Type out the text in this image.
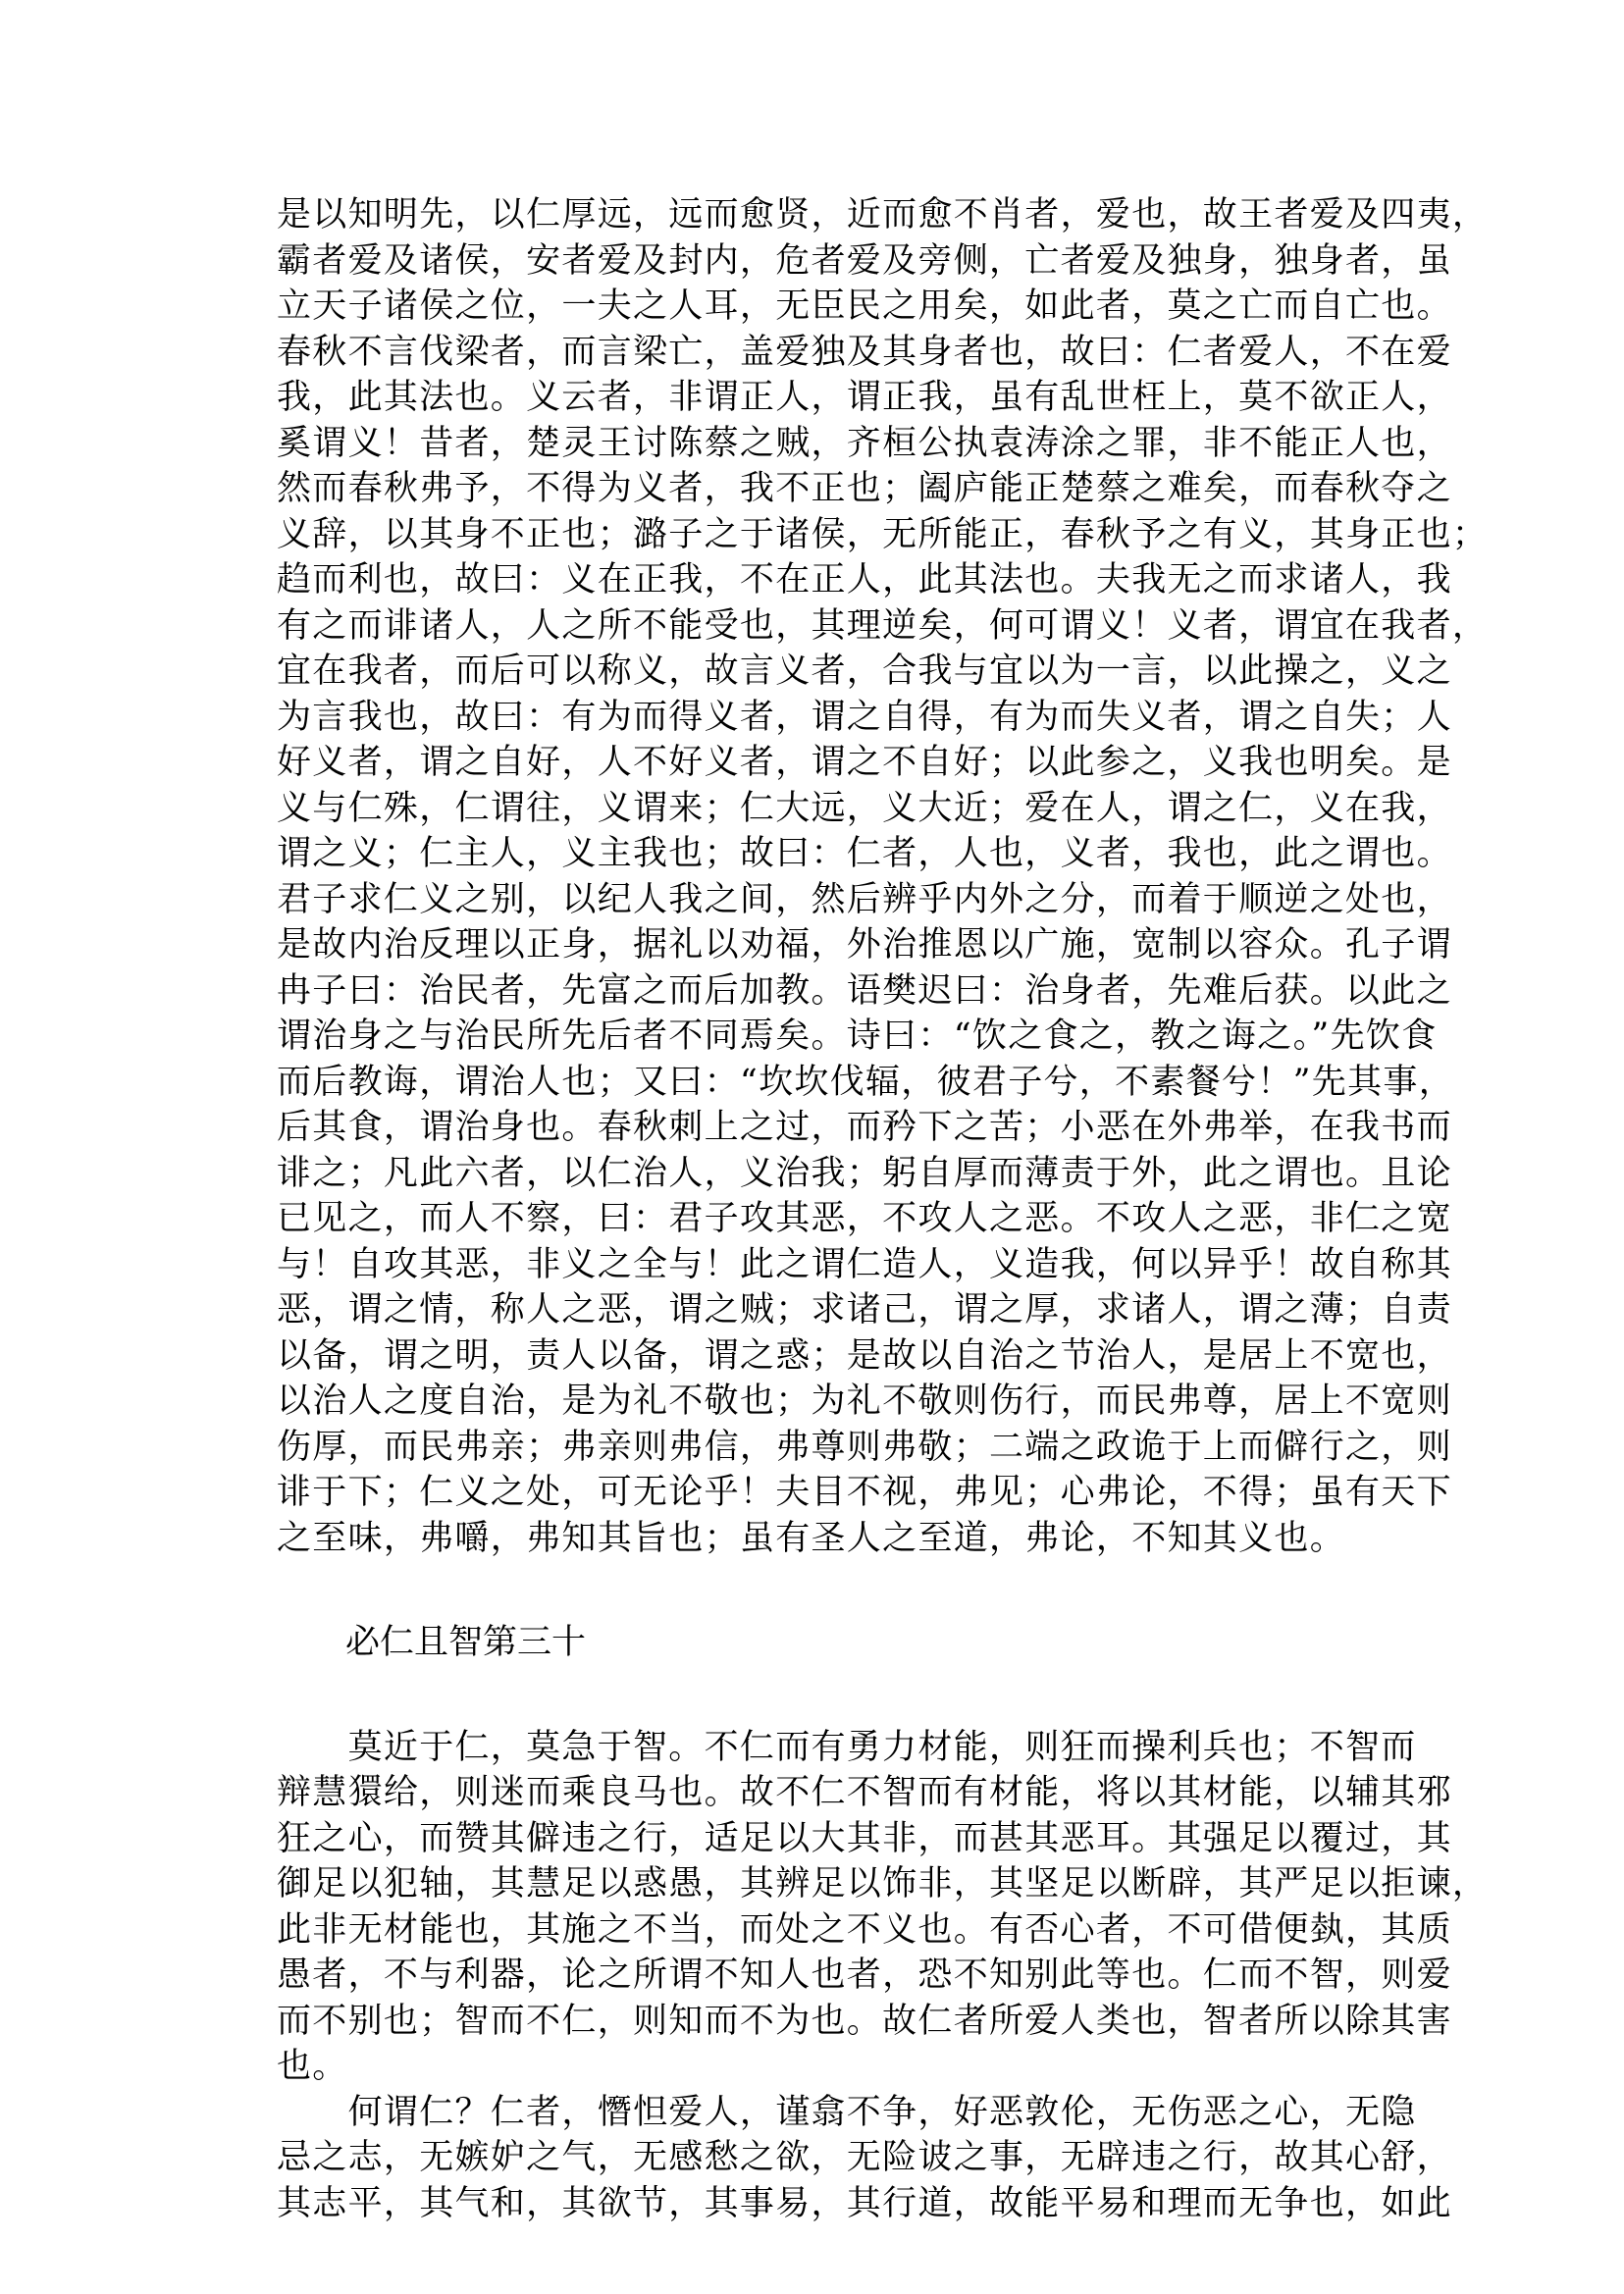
是以知明先，以仁厚远，远而愈贤，近而愈不肖者，爱也，故王者爱及四夷，
霸者爱及诸侯，安者爱及封内，危者爱及旁侧，亡者爱及独身，独身者，虽
立天子诸侯之位，一夫之人耳，无臣民之用矣，如此者，莫之亡而自亡也。
春秋不言伐梁者，而言梁亡，盖爱独及其身者也，故曰：仁者爱人，不在爱
我，此其法也。义云者，非谓正人，谓正我，虽有乱世枉上，莫不欲正人，
奚谓义！昔者，楚灵王讨陈蔡之贼，齐桓公执袁涛涂之罪，非不能正人也，
然而春秋弗予，不得为义者，我不正也；阖庐能正楚蔡之难矣，而春秋夺之
义辞，以其身不正也；潞子之于诸侯，无所能正，春秋予之有义，其身正也；
趋而利也，故曰：义在正我，不在正人，此其法也。夫我无之而求诸人，我
有之而诽诸人，人之所不能受也，其理逆矣，何可谓义！义者，谓宜在我者，
宜在我者，而后可以称义，故言义者，合我与宜以为一言，以此操之，义之
为言我也，故曰：有为而得义者，谓之自得，有为而失义者，谓之自失；人
好义者，谓之自好，人不好义者，谓之不自好；以此参之，义我也明矣。是
义与仁殊，仁谓往，义谓来；仁大远，义大近；爱在人，谓之仁，义在我，
谓之义；仁主人，义主我也；故曰：仁者，人也，义者，我也，此之谓也。
君子求仁义之别，以纪人我之间，然后辨乎内外之分，而着于顺逆之处也，
是故内治反理以正身，据礼以劝福，外治推恩以广施，宽制以容众。孔子谓
冉子曰：治民者，先富之而后加教。语樊迟曰：治身者，先难后获。以此之
谓治身之与治民所先后者不同焉矣。诗曰：“饮之食之，教之诲之。”先饮食
而后教诲，谓治人也；又曰：“坎坎伐辐，彼君子兮，不素餐兮！”先其事，
后其食，谓治身也。春秋刺上之过，而矜下之苦；小恶在外弗举，在我书而
诽之；凡此六者，以仁治人，义治我；躬自厚而薄责于外，此之谓也。且论
已见之，而人不察，曰：君子攻其恶，不攻人之恶。不攻人之恶，非仁之宽
与！自攻其恶，非义之全与！此之谓仁造人，义造我，何以异乎！故自称其
恶，谓之情，称人之恶，谓之贼；求诸己，谓之厚，求诸人，谓之薄；自责
以备，谓之明，责人以备，谓之惑；是故以自治之节治人，是居上不宽也，
以治人之度自治，是为礼不敬也；为礼不敬则伤行，而民弗尊，居上不宽则
伤厚，而民弗亲；弗亲则弗信，弗尊则弗敬；二端之政诡于上而僻行之，则
诽于下；仁义之处，可无论乎！夫目不视，弗见；心弗论，不得；虽有天下
之至味，弗嚼，弗知其旨也；虽有圣人之至道，弗论，不知其义也。
必仁且智第三十
　　莫近于仁，莫急于智。不仁而有勇力材能，则狂而操利兵也；不智而
辩慧獧给，则迷而乘良马也。故不仁不智而有材能，将以其材能，以辅其邪
狂之心，而赞其僻违之行，适足以大其非，而甚其恶耳。其强足以覆过，其
御足以犯轴，其慧足以惑愚，其辨足以饰非，其坚足以断辟，其严足以拒谏，
此非无材能也，其施之不当，而处之不义也。有否心者，不可借便埶，其质
愚者，不与利器，论之所谓不知人也者，恐不知别此等也。仁而不智，则爱
而不别也；智而不仁，则知而不为也。故仁者所爱人类也，智者所以除其害
也。
　　何谓仁？仁者，憯怛爱人，谨翕不争，好恶敦伦，无伤恶之心，无隐
忌之志，无嫉妒之气，无感愁之欲，无险诐之事，无辟违之行，故其心舒，
其志平，其气和，其欲节，其事易，其行道，故能平易和理而无争也，如此
